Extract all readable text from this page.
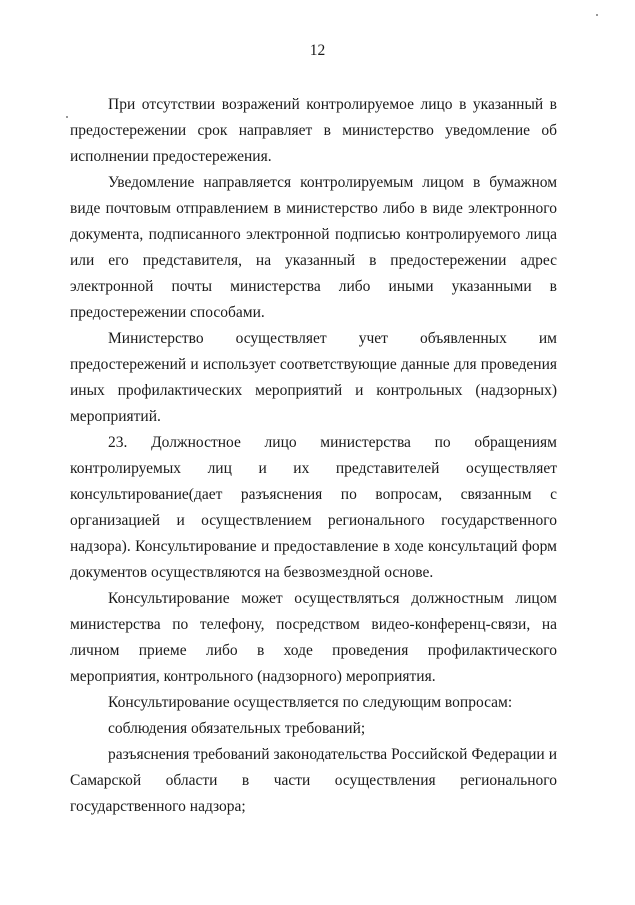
12

При отсутствии возражений контролируемое лицо в указанный в предостережении срок направляет в министерство уведомление об исполнении предостережения.

Уведомление направляется контролируемым лицом в бумажном виде почтовым отправлением в министерство либо в виде электронного документа, подписанного электронной подписью контролируемого лица или его представителя, на указанный в предостережении адрес электронной почты министерства либо иными указанными в предостережении способами.

Министерство осуществляет учет объявленных им предостережений и использует соответствующие данные для проведения иных профилактических мероприятий и контрольных (надзорных) мероприятий.

23. Должностное лицо министерства по обращениям контролируемых лиц и их представителей осуществляет консультирование(дает разъяснения по вопросам, связанным с организацией и осуществлением регионального государственного надзора). Консультирование и предоставление в ходе консультаций форм документов осуществляются на безвозмездной основе.

Консультирование может осуществляться должностным лицом министерства по телефону, посредством видео-конференц-связи, на личном приеме либо в ходе проведения профилактического мероприятия, контрольного (надзорного) мероприятия.

Консультирование осуществляется по следующим вопросам:

соблюдения обязательных требований;

разъяснения требований законодательства Российской Федерации и Самарской области в части осуществления регионального государственного надзора;
